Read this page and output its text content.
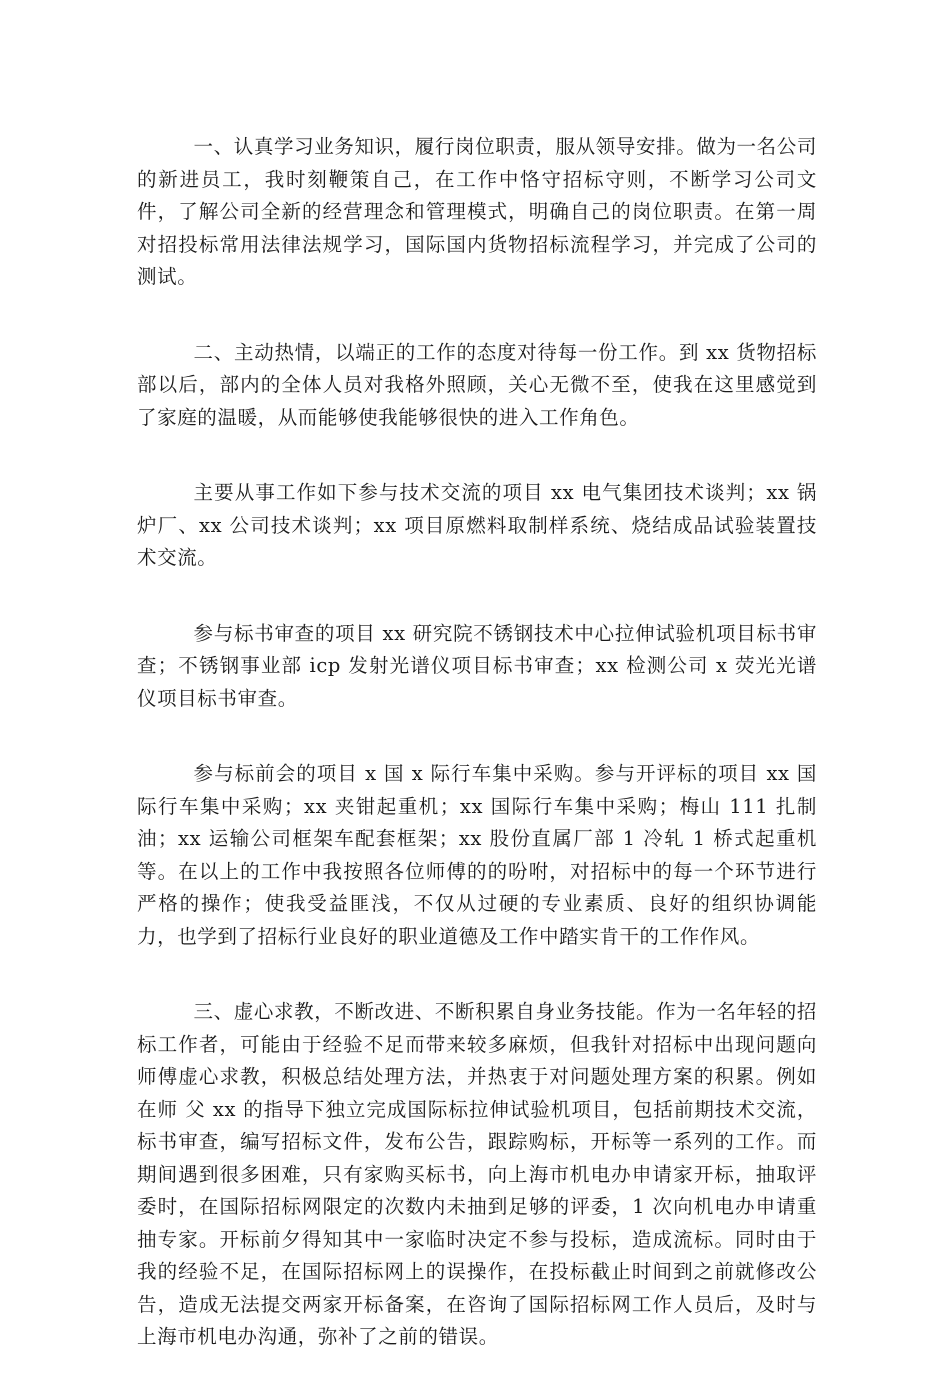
一、认真学习业务知识，履行岗位职责，服从领导安排。做为一名公司的新进员工，我时刻鞭策自己，在工作中恪守招标守则，不断学习公司文件，了解公司全新的经营理念和管理模式，明确自己的岗位职责。在第一周对招投标常用法律法规学习，国际国内货物招标流程学习，并完成了公司的测试。

二、主动热情，以端正的工作的态度对待每一份工作。到 xx 货物招标部以后，部内的全体人员对我格外照顾，关心无微不至，使我在这里感觉到了家庭的温暖，从而能够使我能够很快的进入工作角色。

主要从事工作如下参与技术交流的项目 xx 电气集团技术谈判；xx 锅炉厂、xx 公司技术谈判；xx 项目原燃料取制样系统、烧结成品试验装置技术交流。

参与标书审查的项目 xx 研究院不锈钢技术中心拉伸试验机项目标书审查；不锈钢事业部 icp 发射光谱仪项目标书审查；xx 检测公司 x 荧光光谱仪项目标书审查。

参与标前会的项目 x 国 x 际行车集中采购。参与开评标的项目 xx 国际行车集中采购；xx 夹钳起重机；xx 国际行车集中采购；梅山 111 扎制油；xx 运输公司框架车配套框架；xx 股份直属厂部 1 冷轧 1 桥式起重机等。在以上的工作中我按照各位师傅的的吩咐，对招标中的每一个环节进行严格的操作；使我受益匪浅，不仅从过硬的专业素质、良好的组织协调能力，也学到了招标行业良好的职业道德及工作中踏实肯干的工作作风。

三、虚心求教，不断改进、不断积累自身业务技能。作为一名年轻的招标工作者，可能由于经验不足而带来较多麻烦，但我针对招标中出现问题向师傅虚心求教，积极总结处理方法，并热衷于对问题处理方案的积累。例如在师 父 xx 的指导下独立完成国际标拉伸试验机项目，包括前期技术交流，标书审查，编写招标文件，发布公告，跟踪购标，开标等一系列的工作。而期间遇到很多困难，只有家购买标书，向上海市机电办申请家开标，抽取评委时，在国际招标网限定的次数内未抽到足够的评委，1 次向机电办申请重抽专家。开标前夕得知其中一家临时决定不参与投标，造成流标。同时由于我的经验不足，在国际招标网上的误操作，在投标截止时间到之前就修改公告，造成无法提交两家开标备案，在咨询了国际招标网工作人员后，及时与上海市机电办沟通，弥补了之前的错误。
